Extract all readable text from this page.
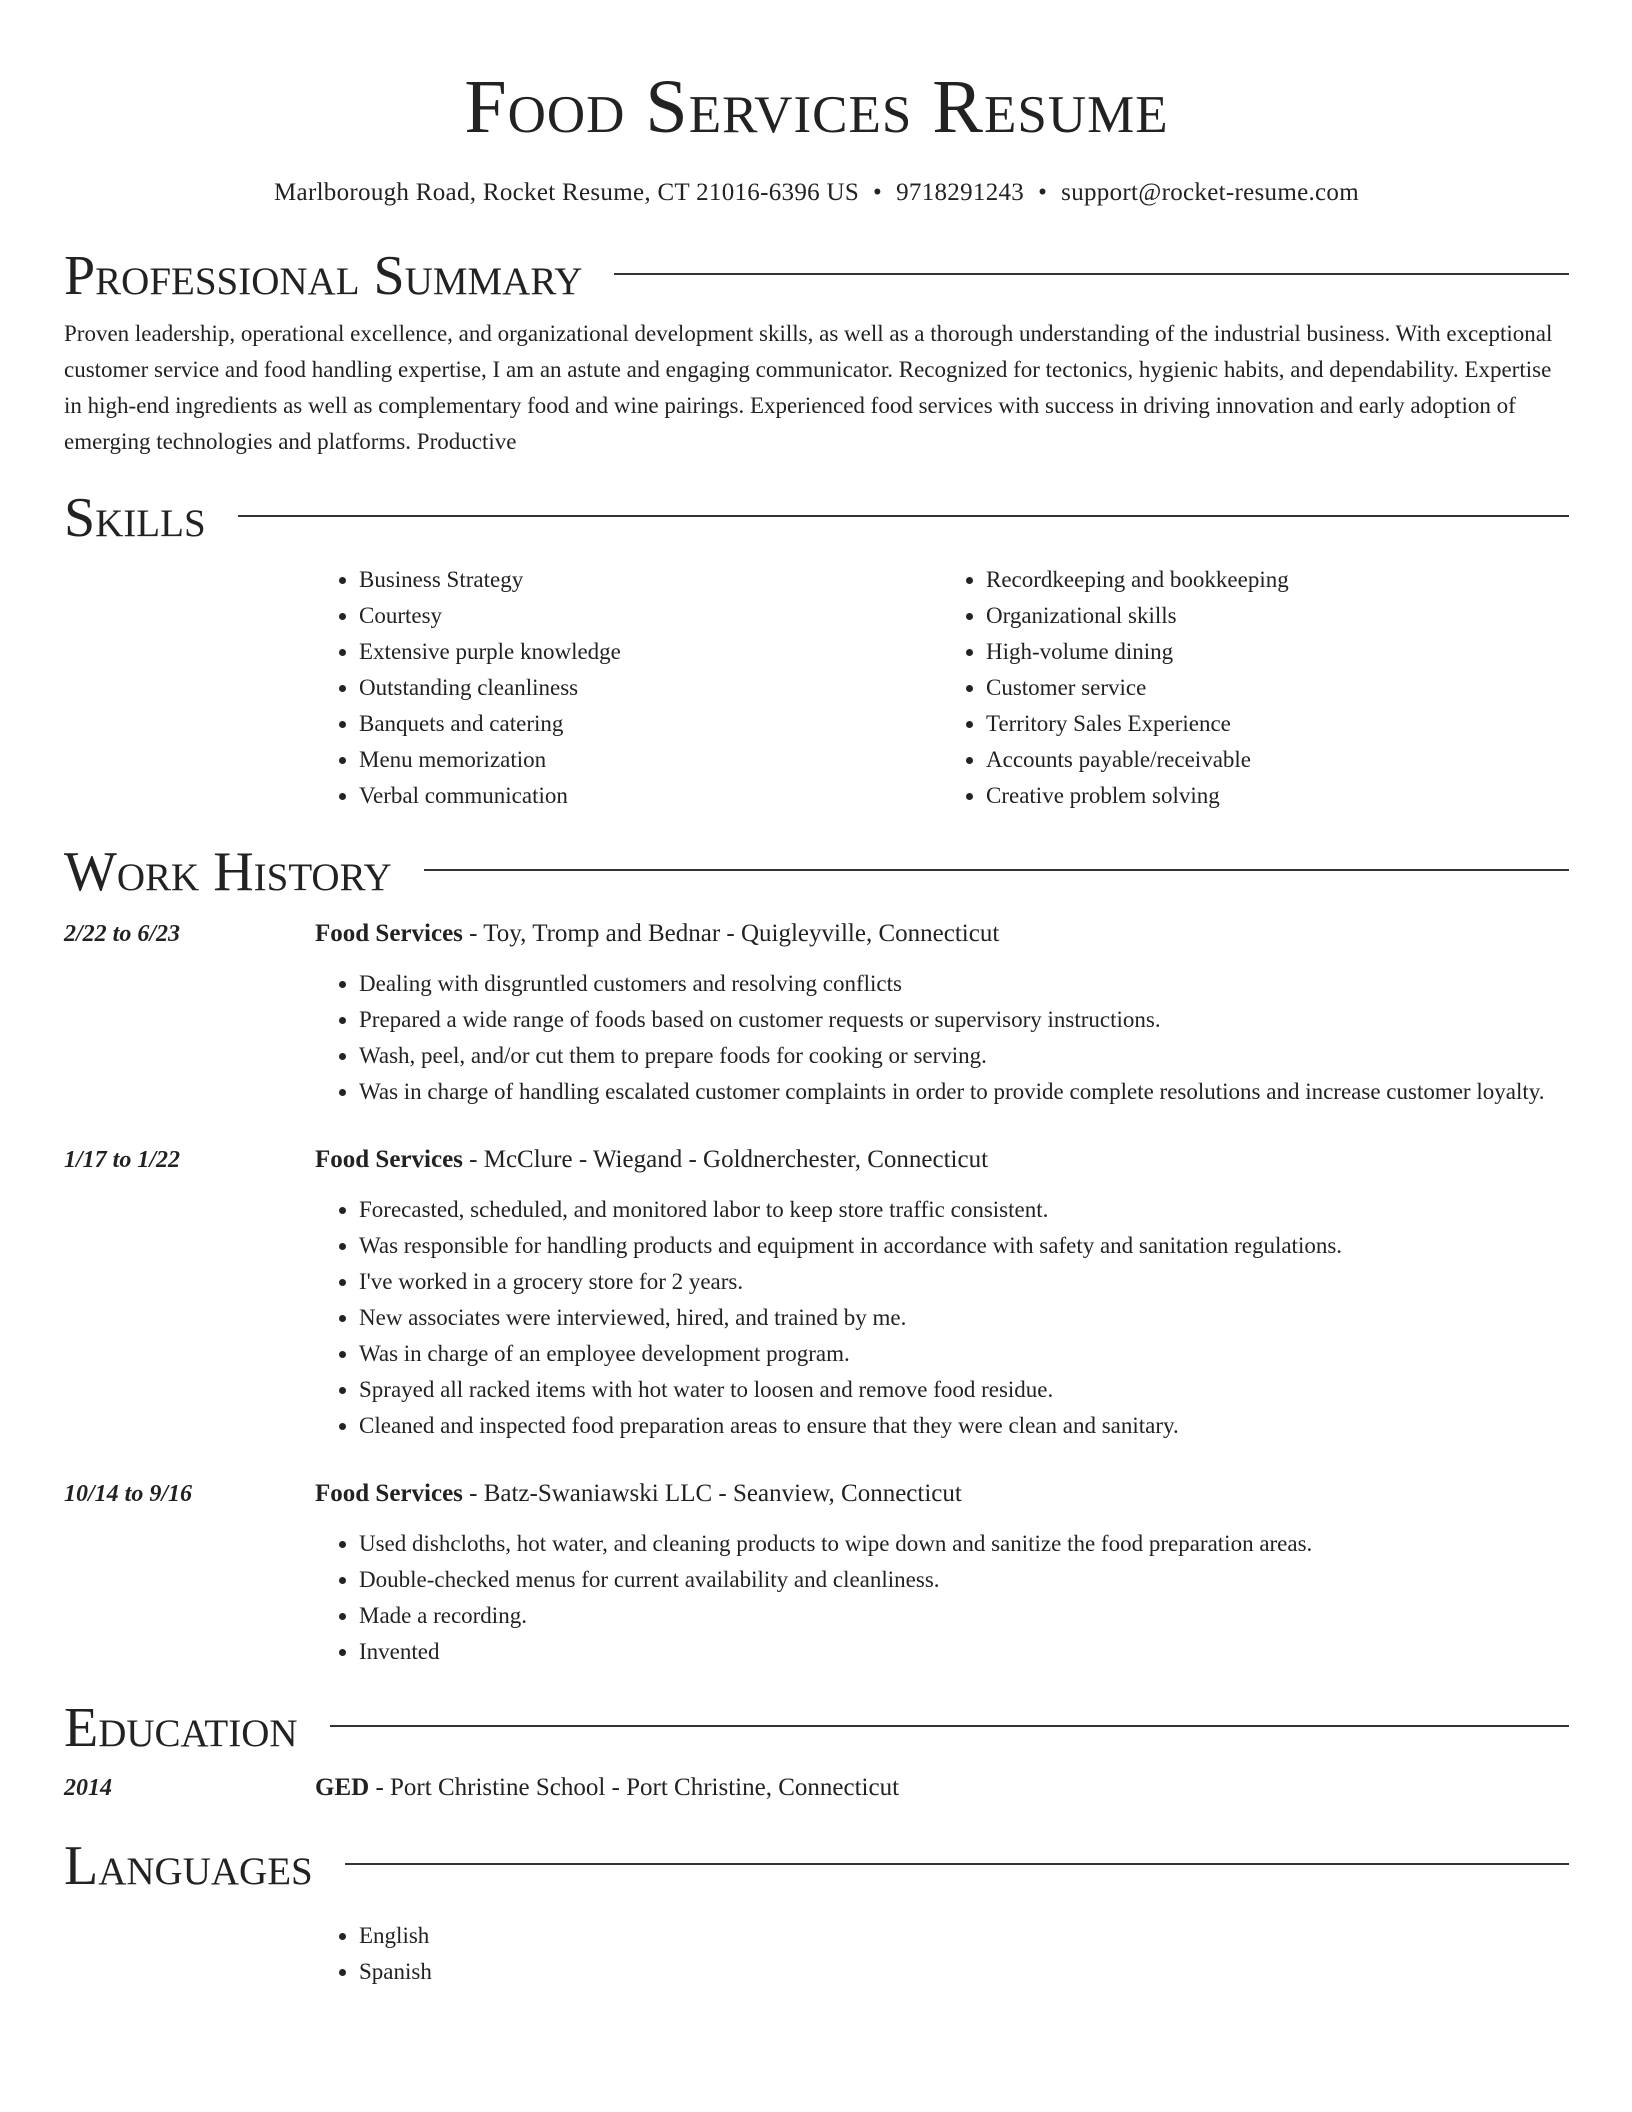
Food Services Resume
Marlborough Road, Rocket Resume, CT 21016-6396 US • 9718291243 • support@rocket-resume.com
Professional Summary

Proven leadership, operational excellence, and organizational development skills, as well as a thorough understanding of the industrial business. With exceptional customer service and food handling expertise, I am an astute and engaging communicator. Recognized for tectonics, hygienic habits, and dependability. Expertise in high-end ingredients as well as complementary food and wine pairings. Experienced food services with success in driving innovation and early adoption of emerging technologies and platforms. Productive

Skills
• Business Strategy
• Courtesy
• Extensive purple knowledge
• Outstanding cleanliness
• Banquets and catering
• Menu memorization
• Verbal communication
• Recordkeeping and bookkeeping
• Organizational skills
• High-volume dining
• Customer service
• Territory Sales Experience
• Accounts payable/receivable
• Creative problem solving
Work History
2/22 to 6/23	Food Services - Toy, Tromp and Bednar - Quigleyville, Connecticut
• Dealing with disgruntled customers and resolving conflicts
• Prepared a wide range of foods based on customer requests or supervisory instructions.
• Wash, peel, and/or cut them to prepare foods for cooking or serving.
• Was in charge of handling escalated customer complaints in order to provide complete resolutions and increase customer loyalty.
1/17 to 1/22	Food Services - McClure - Wiegand - Goldnerchester, Connecticut
• Forecasted, scheduled, and monitored labor to keep store traffic consistent.
• Was responsible for handling products and equipment in accordance with safety and sanitation regulations.
• I've worked in a grocery store for 2 years.
• New associates were interviewed, hired, and trained by me.
• Was in charge of an employee development program.
• Sprayed all racked items with hot water to loosen and remove food residue.
• Cleaned and inspected food preparation areas to ensure that they were clean and sanitary.
10/14 to 9/16	Food Services - Batz-Swaniawski LLC - Seanview, Connecticut
• Used dishcloths, hot water, and cleaning products to wipe down and sanitize the food preparation areas.
• Double-checked menus for current availability and cleanliness.
• Made a recording.
• Invented
Education
2014	GED - Port Christine School - Port Christine, Connecticut
Languages
• English
• Spanish
